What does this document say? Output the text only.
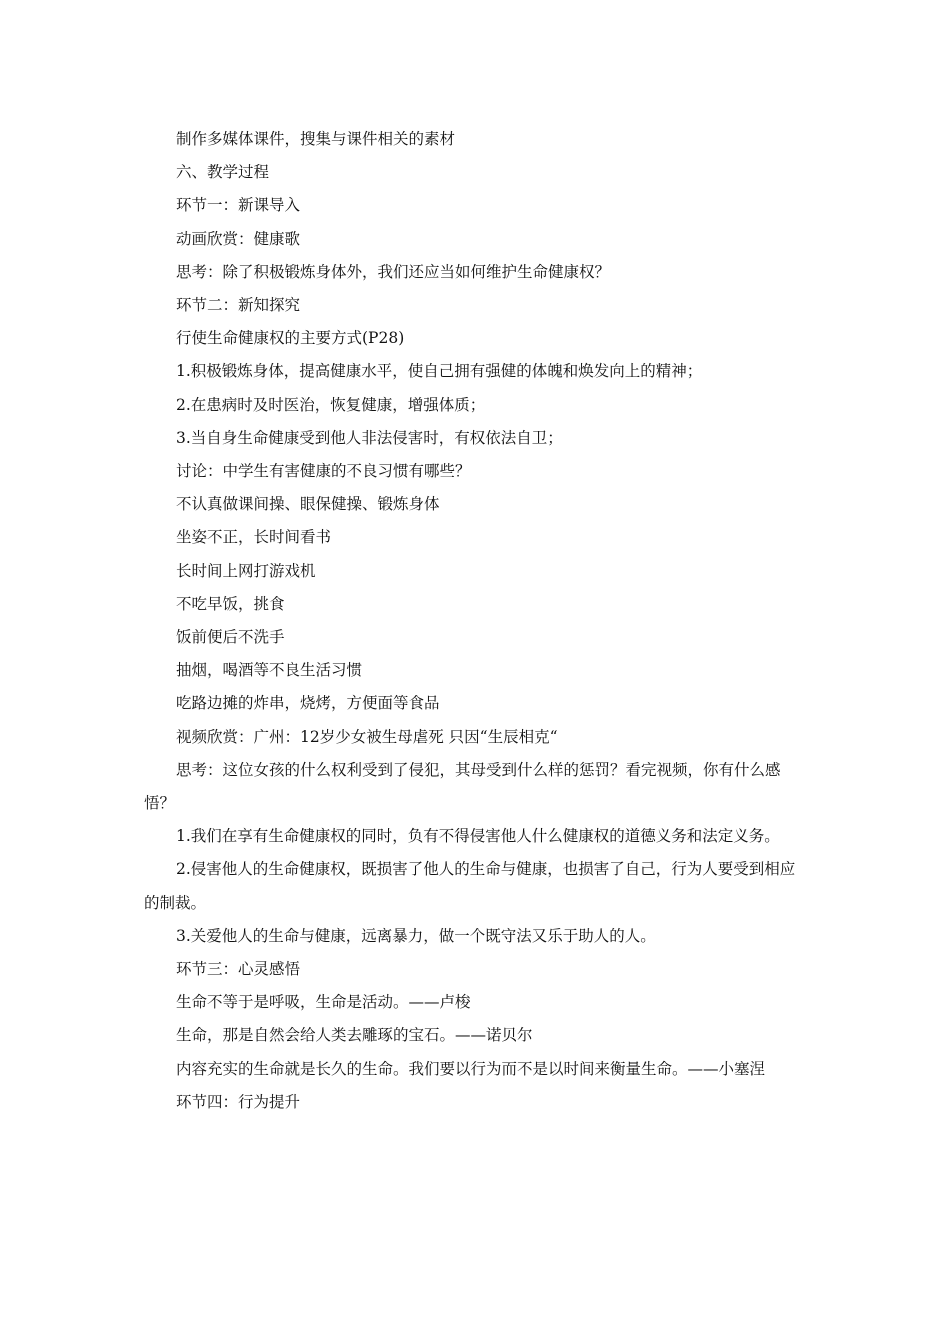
制作多媒体课件，搜集与课件相关的素材

六、教学过程

环节一：新课导入

动画欣赏：健康歌

思考：除了积极锻炼身体外，我们还应当如何维护生命健康权？

环节二：新知探究

行使生命健康权的主要方式(P28)

1.积极锻炼身体，提高健康水平，使自己拥有强健的体魄和焕发向上的精神；

2.在患病时及时医治，恢复健康，增强体质；

3.当自身生命健康受到他人非法侵害时，有权依法自卫；

讨论：中学生有害健康的不良习惯有哪些？

不认真做课间操、眼保健操、锻炼身体

坐姿不正，长时间看书

长时间上网打游戏机

不吃早饭，挑食

饭前便后不洗手

抽烟，喝酒等不良生活习惯

吃路边摊的炸串，烧烤，方便面等食品

视频欣赏：广州：12岁少女被生母虐死 只因“生辰相克“

思考：这位女孩的什么权利受到了侵犯，其母受到什么样的惩罚？看完视频，你有什么感悟？

1.我们在享有生命健康权的同时，负有不得侵害他人什么健康权的道德义务和法定义务。

2.侵害他人的生命健康权，既损害了他人的生命与健康，也损害了自己，行为人要受到相应的制裁。

3.关爱他人的生命与健康，远离暴力，做一个既守法又乐于助人的人。

环节三：心灵感悟

生命不等于是呼吸，生命是活动。——卢梭

生命，那是自然会给人类去雕琢的宝石。——诺贝尔

内容充实的生命就是长久的生命。我们要以行为而不是以时间来衡量生命。——小塞涅

环节四：行为提升
